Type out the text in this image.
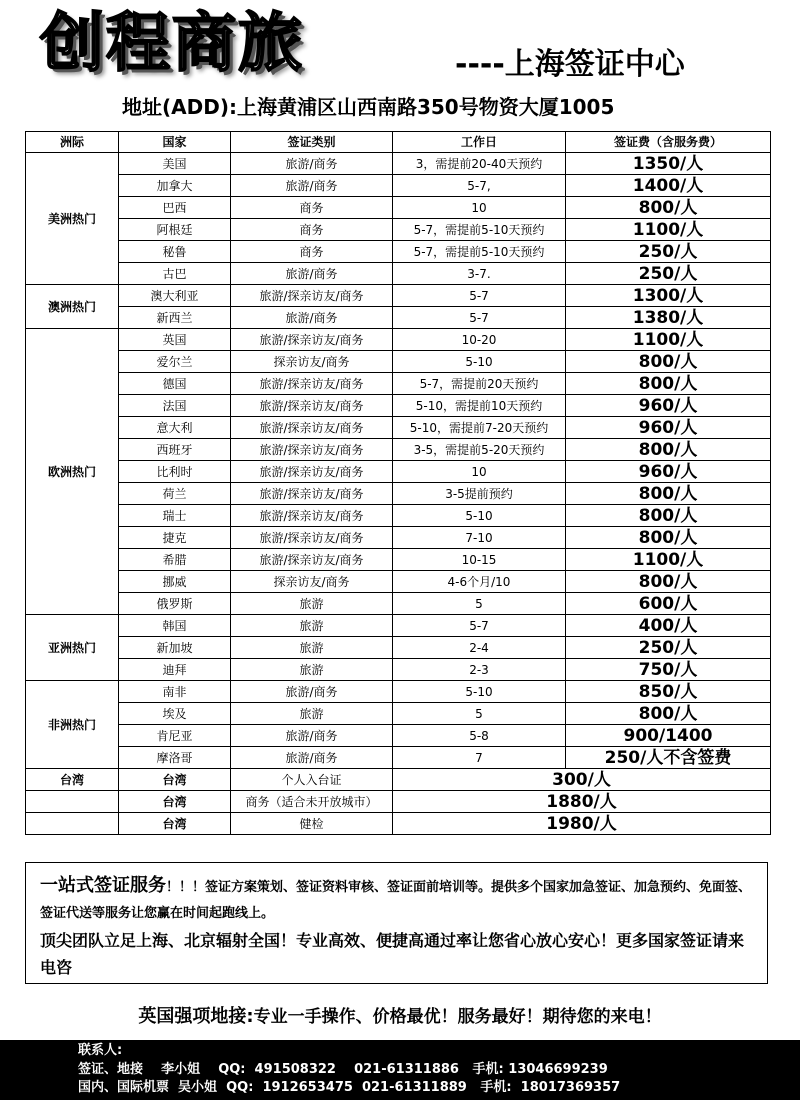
创程商旅	----上海签证中心
地址(ADD):上海黄浦区山西南路350号物资大厦1005
洲际	国家	签证类别	工作日	签证费（含服务费）
美洲热门	美国	旅游/商务	3，需提前20-40天预约	1350/人
	加拿大	旅游/商务	5-7,	1400/人
	巴西	商务	10	800/人
	阿根廷	商务	5-7，需提前5-10天预约	1100/人
	秘鲁	商务	5-7，需提前5-10天预约	250/人
	古巴	旅游/商务	3-7.	250/人
澳洲热门	澳大利亚	旅游/探亲访友/商务	5-7	1300/人
	新西兰	旅游/商务	5-7	1380/人
欧洲热门	英国	旅游/探亲访友/商务	10-20	1100/人
	爱尔兰	探亲访友/商务	5-10	800/人
	德国	旅游/探亲访友/商务	5-7，需提前20天预约	800/人
	法国	旅游/探亲访友/商务	5-10，需提前10天预约	960/人
	意大利	旅游/探亲访友/商务	5-10，需提前7-20天预约	960/人
	西班牙	旅游/探亲访友/商务	3-5，需提前5-20天预约	800/人
	比利时	旅游/探亲访友/商务	10	960/人
	荷兰	旅游/探亲访友/商务	3-5提前预约	800/人
	瑞士	旅游/探亲访友/商务	5-10	800/人
	捷克	旅游/探亲访友/商务	7-10	800/人
	希腊	旅游/探亲访友/商务	10-15	1100/人
	挪威	探亲访友/商务	4-6个月/10	800/人
	俄罗斯	旅游	5	600/人
亚洲热门	韩国	旅游	5-7	400/人
	新加坡	旅游	2-4	250/人
	迪拜	旅游	2-3	750/人
非洲热门	南非	旅游/商务	5-10	850/人
	埃及	旅游	5	800/人
	肯尼亚	旅游/商务	5-8	900/1400
	摩洛哥	旅游/商务	7	250/人不含签费
台湾	台湾	个人入台证	300/人	
	台湾	商务（适合未开放城市）	1880/人	
	台湾	健检	1980/人	

一站式签证服务！！！签证方案策划、签证资料审核、签证面前培训等。提供多个国家加急签证、加急预约、免面签、签证代送等服务让您赢在时间起跑线上。

顶尖团队立足上海、北京辐射全国！专业高效、便捷高通过率让您省心放心安心！更多国家签证请来电咨

英国强项地接:专业一手操作、价格最优！服务最好！期待您的来电！
联系人:
签证、地接    李小姐    QQ:  491508322    021-61311886   手机: 13046699239
国内、国际机票  吴小姐  QQ:  1912653475  021-61311889   手机:  18017369357
